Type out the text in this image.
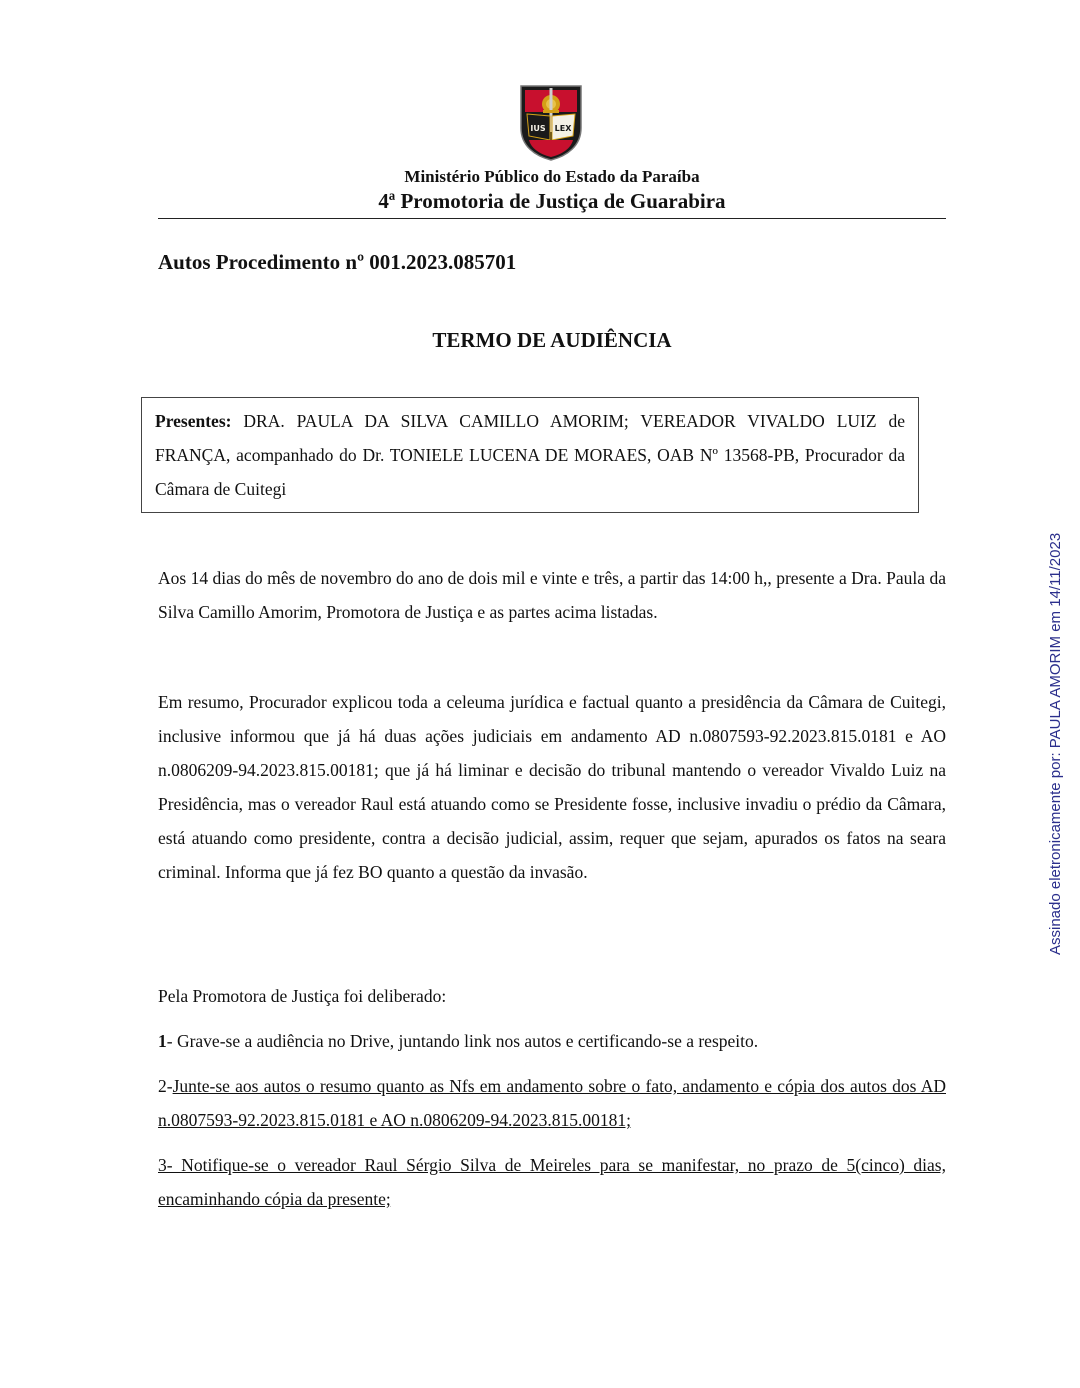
IUS LEX
Ministério Público do Estado da Paraíba
4ª Promotoria de Justiça de Guarabira
Autos Procedimento nº 001.2023.085701
TERMO DE AUDIÊNCIA
Presentes: DRA. PAULA DA SILVA CAMILLO AMORIM; VEREADOR VIVALDO LUIZ de FRANÇA, acompanhado do Dr. TONIELE LUCENA DE MORAES, OAB Nº 13568-PB, Procurador da Câmara de Cuitegi
Aos 14 dias do mês de novembro do ano de dois mil e vinte e três, a partir das 14:00 h,, presente a Dra. Paula da Silva Camillo Amorim, Promotora de Justiça e as partes acima listadas.
Em resumo, Procurador explicou toda a celeuma jurídica e factual quanto a presidência da Câmara de Cuitegi, inclusive informou que já há duas ações judiciais em andamento AD n.0807593-92.2023.815.0181 e AO n.0806209-94.2023.815.00181; que já há liminar e decisão do tribunal mantendo o vereador Vivaldo Luiz na Presidência, mas o vereador Raul está atuando como se Presidente fosse, inclusive invadiu o prédio da Câmara, está atuando como presidente, contra a decisão judicial, assim, requer que sejam, apurados os fatos na seara criminal. Informa que já fez BO quanto a questão da invasão.
Pela Promotora de Justiça foi deliberado:
1- Grave-se a audiência no Drive, juntando link nos autos e certificando-se a respeito.
2-Junte-se aos autos o resumo quanto as Nfs em andamento sobre o fato, andamento e cópia dos autos dos AD n.0807593-92.2023.815.0181 e AO n.0806209-94.2023.815.00181;
3- Notifique-se o vereador Raul Sérgio Silva de Meireles para se manifestar, no prazo de 5(cinco) dias, encaminhando cópia da presente;
Assinado eletronicamente por: PAULA AMORIM em 14/11/2023
